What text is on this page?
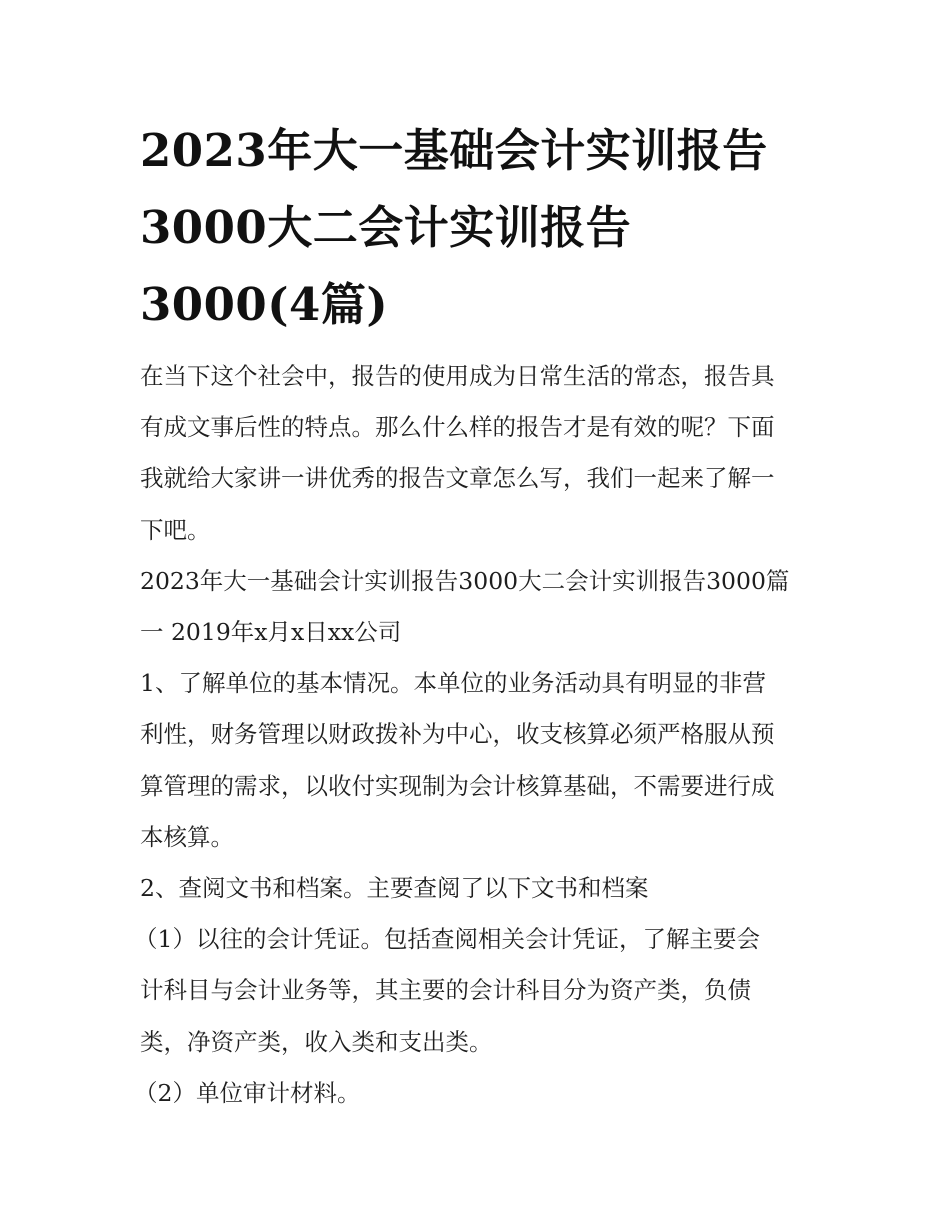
2023年大一基础会计实训报告
3000大二会计实训报告
3000(4篇)

在当下这个社会中，报告的使用成为日常生活的常态，报告具
有成文事后性的特点。那么什么样的报告才是有效的呢？下面
我就给大家讲一讲优秀的报告文章怎么写，我们一起来了解一
下吧。

2023年大一基础会计实训报告3000大二会计实训报告3000篇
一 2019年x月x日xx公司

1、了解单位的基本情况。本单位的业务活动具有明显的非营
利性，财务管理以财政拨补为中心，收支核算必须严格服从预
算管理的需求，以收付实现制为会计核算基础，不需要进行成
本核算。

2、查阅文书和档案。主要查阅了以下文书和档案

（1）以往的会计凭证。包括查阅相关会计凭证，了解主要会
计科目与会计业务等，其主要的会计科目分为资产类，负债
类，净资产类，收入类和支出类。

（2）单位审计材料。
